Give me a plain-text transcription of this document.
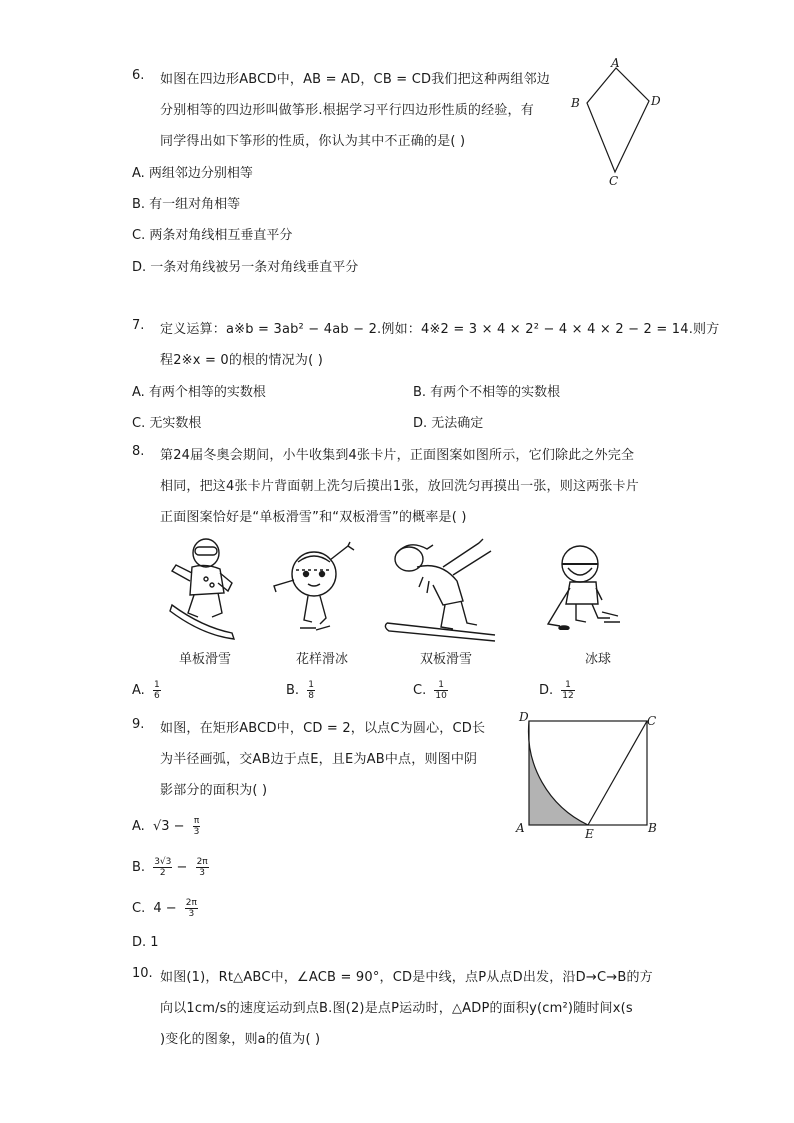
6. 如图在四边形ABCD中，AB = AD，CB = CD我们把这种两组邻边
分别相等的四边形叫做筝形.根据学习平行四边形性质的经验，有
同学得出如下筝形的性质，你认为其中不正确的是( )
A. 两组邻边分别相等
B. 有一组对角相等
C. 两条对角线相互垂直平分
D. 一条对角线被另一条对角线垂直平分
A
B
C
D
7. 定义运算：a※b = 3ab² − 4ab − 2.例如：4※2 = 3 × 4 × 2² − 4 × 4 × 2 − 2 = 14.则方
程2※x = 0的根的情况为( )
A. 有两个相等的实数根	B. 有两个不相等的实数根
C. 无实数根	D. 无法确定
8. 第24届冬奥会期间，小牛收集到4张卡片，正面图案如图所示，它们除此之外完全
相同，把这4张卡片背面朝上洗匀后摸出1张，放回洗匀再摸出一张，则这两张卡片
正面图案恰好是“单板滑雪”和“双板滑雪”的概率是( )
单板滑雪	花样滑冰	双板滑雪	冰球
A. $\frac{1}{6}$	B. $\frac{1}{8}$	C. $\frac{1}{10}$	D. $\frac{1}{12}$
9. 如图，在矩形ABCD中，CD = 2，以点C为圆心，CD长
为半径画弧，交AB边于点E，且E为AB中点，则图中阴
影部分的面积为( )
A. $√3 - \frac{\pi}{3}$
B. $\frac{3√3}{2} - \frac{2\pi}{3}$
C. $4 - \frac{2\pi}{3}$
D. 1
D	C
A	E	B
10. 如图(1)，Rt△ABC中，∠ACB = 90°，CD是中线，点P从点D出发，沿D→C→B的方
向以1cm/s的速度运动到点B.图(2)是点P运动时，△ADP的面积y(cm²)随时间x(s
)变化的图象，则a的值为( )
